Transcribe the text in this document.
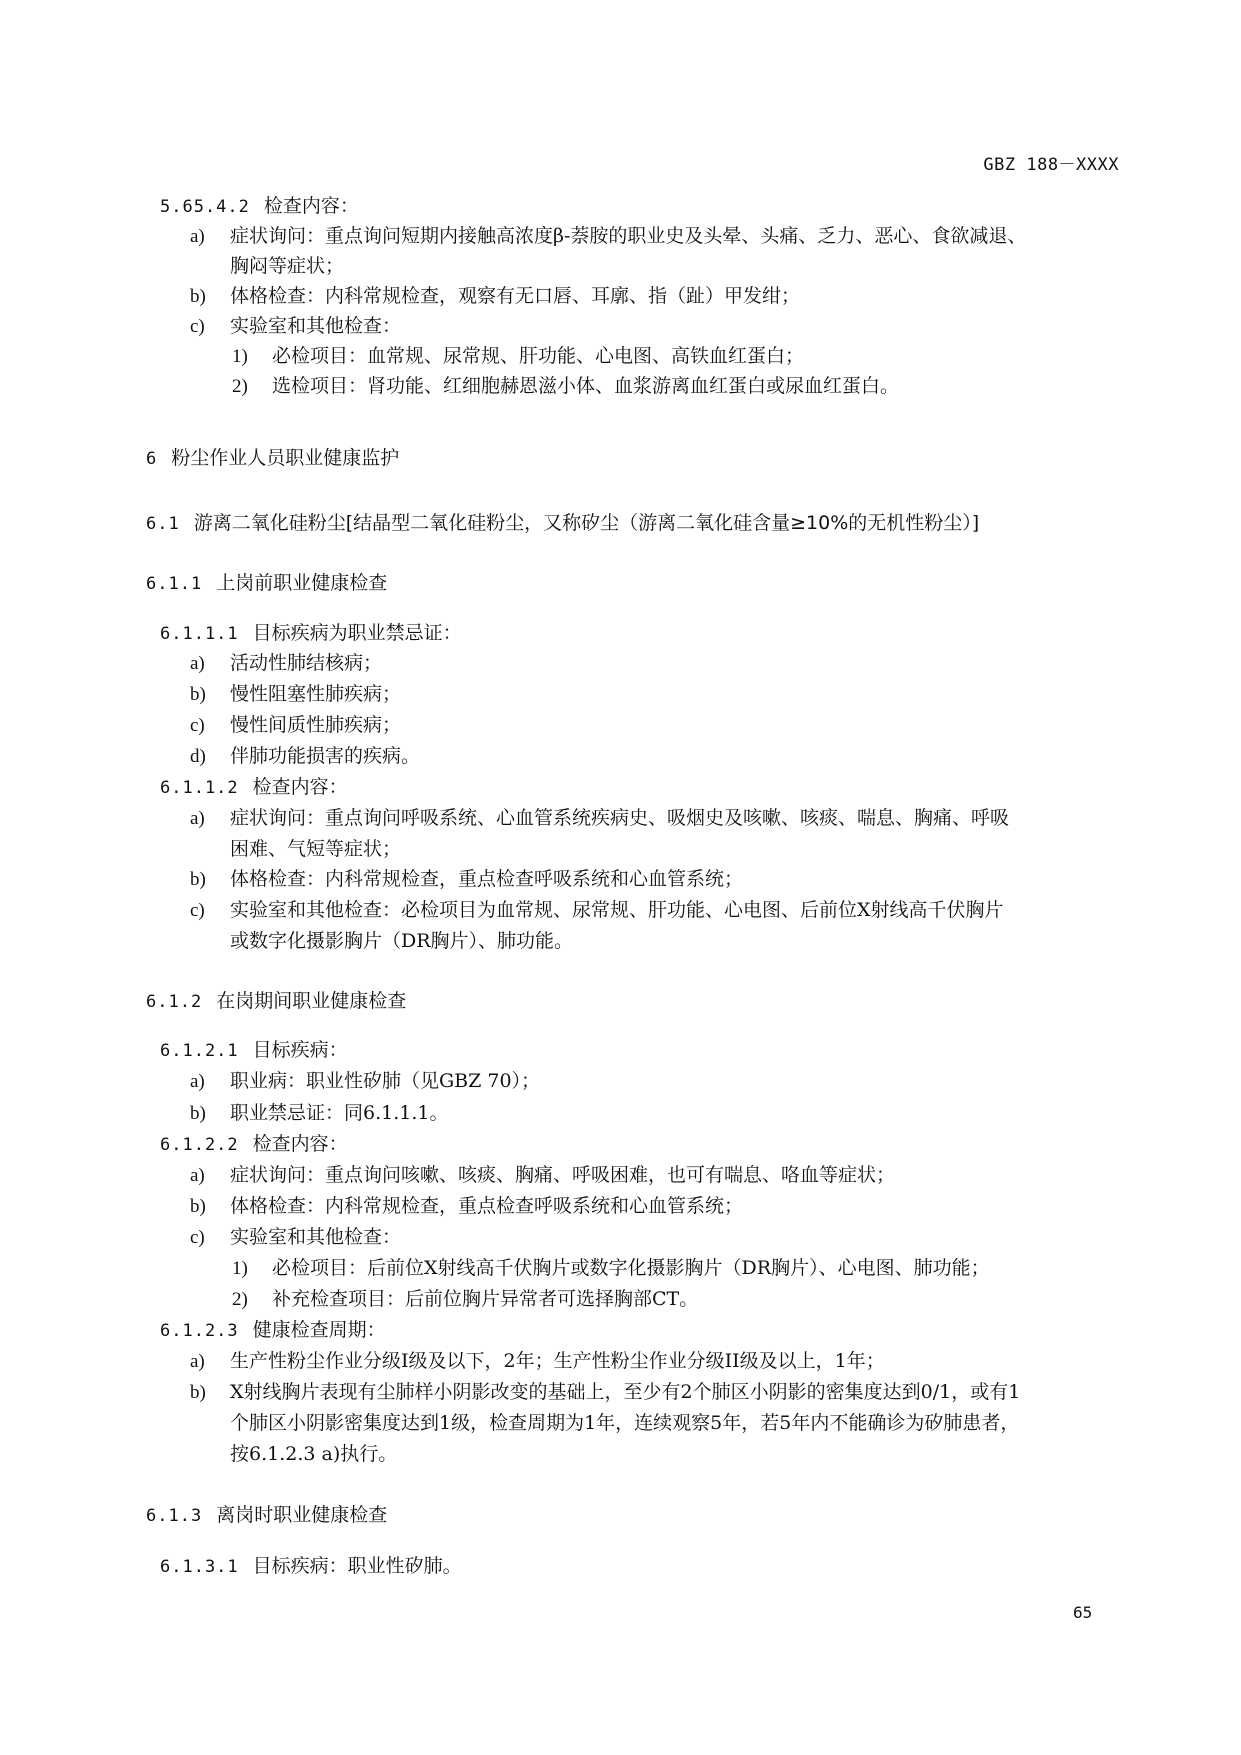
GBZ 188－XXXX
5.65.4.2 检查内容：
a) 症状询问：重点询问短期内接触高浓度β-萘胺的职业史及头晕、头痛、乏力、恶心、食欲减退、
胸闷等症状；
b) 体格检查：内科常规检查，观察有无口唇、耳廓、指（趾）甲发绀；
c) 实验室和其他检查：
1) 必检项目：血常规、尿常规、肝功能、心电图、高铁血红蛋白；
2) 选检项目：肾功能、红细胞赫恩滋小体、血浆游离血红蛋白或尿血红蛋白。
6 粉尘作业人员职业健康监护
6.1 游离二氧化硅粉尘[结晶型二氧化硅粉尘，又称矽尘（游离二氧化硅含量≥10%的无机性粉尘）]
6.1.1 上岗前职业健康检查
6.1.1.1 目标疾病为职业禁忌证：
a) 活动性肺结核病；
b) 慢性阻塞性肺疾病；
c) 慢性间质性肺疾病；
d) 伴肺功能损害的疾病。
6.1.1.2 检查内容：
a) 症状询问：重点询问呼吸系统、心血管系统疾病史、吸烟史及咳嗽、咳痰、喘息、胸痛、呼吸
困难、气短等症状；
b) 体格检查：内科常规检查，重点检查呼吸系统和心血管系统；
c) 实验室和其他检查：必检项目为血常规、尿常规、肝功能、心电图、后前位X射线高千伏胸片
或数字化摄影胸片（DR胸片）、肺功能。
6.1.2 在岗期间职业健康检查
6.1.2.1 目标疾病：
a) 职业病：职业性矽肺（见GBZ 70）；
b) 职业禁忌证：同6.1.1.1。
6.1.2.2 检查内容：
a) 症状询问：重点询问咳嗽、咳痰、胸痛、呼吸困难，也可有喘息、咯血等症状；
b) 体格检查：内科常规检查，重点检查呼吸系统和心血管系统；
c) 实验室和其他检查：
1) 必检项目：后前位X射线高千伏胸片或数字化摄影胸片（DR胸片）、心电图、肺功能；
2) 补充检查项目：后前位胸片异常者可选择胸部CT。
6.1.2.3 健康检查周期：
a) 生产性粉尘作业分级I级及以下，2年；生产性粉尘作业分级II级及以上，1年；
b) X射线胸片表现有尘肺样小阴影改变的基础上，至少有2个肺区小阴影的密集度达到0/1，或有1
个肺区小阴影密集度达到1级，检查周期为1年，连续观察5年，若5年内不能确诊为矽肺患者，
按6.1.2.3 a)执行。
6.1.3 离岗时职业健康检查
6.1.3.1 目标疾病：职业性矽肺。
65
